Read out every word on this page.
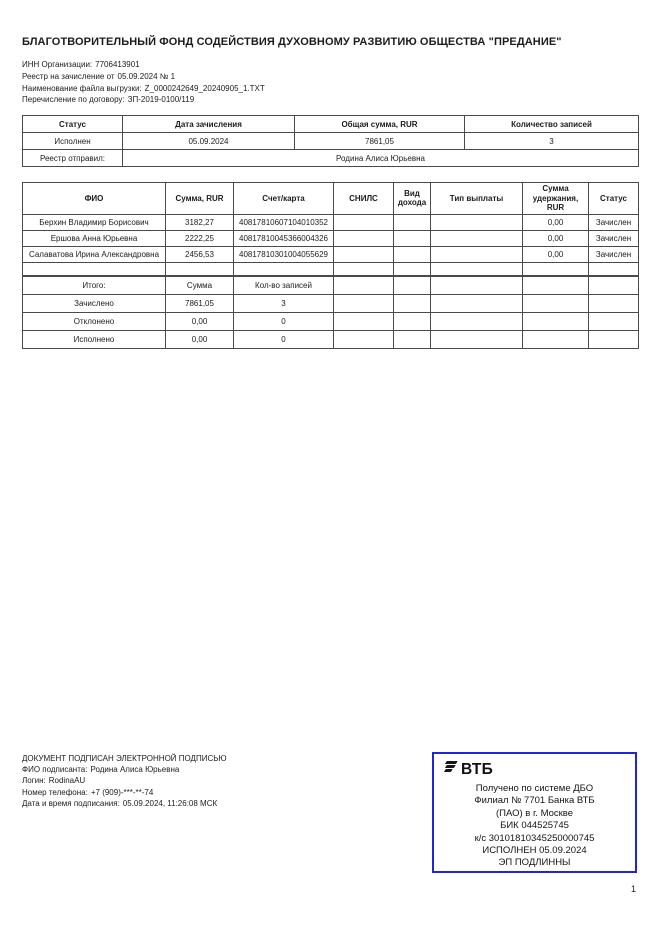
БЛАГОТВОРИТЕЛЬНЫЙ ФОНД СОДЕЙСТВИЯ ДУХОВНОМУ РАЗВИТИЮ ОБЩЕСТВА "ПРЕДАНИЕ"
ИНН Организации: 7706413901
Реестр на зачисление от 05.09.2024 № 1
Наименование файла выгрузки: Z_0000242649_20240905_1.TXT
Перечисление по договору: ЗП-2019-0100/119
Статус	Дата зачисления	Общая сумма, RUR	Количество записей
Исполнен	05.09.2024	7861,05	3
Реестр отправил:	Родина Алиса Юрьевна		
ФИО	Сумма, RUR	Счет/карта	СНИЛС	Вид дохода	Тип выплаты	Сумма удержания, RUR	Статус
Берхин Владимир Борисович	3182,27	40817810607104010352				0,00	Зачислен
Ершова Анна Юрьевна	2222,25	40817810045366004326				0,00	Зачислен
Салаватова Ирина Александровна	2456,53	40817810301004055629				0,00	Зачислен

Итого:	Сумма	Кол-во записей					
Зачислено	7861,05	3					
Отклонено	0,00	0					
Исполнено	0,00	0					
ДОКУМЕНТ ПОДПИСАН ЭЛЕКТРОННОЙ ПОДПИСЬЮ
ФИО подписанта: Родина Алиса Юрьевна
Логин: RodinaAU
Номер телефона: +7 (909)-***-**-74
Дата и время подписания: 05.09.2024, 11:26:08 МСК
ВТБ
Получено по системе ДБО
Филиал № 7701 Банка ВТБ
(ПАО) в г. Москве
БИК 044525745
к/с 30101810345250000745
ИСПОЛНЕН 05.09.2024
ЭП ПОДЛИННЫ
1
